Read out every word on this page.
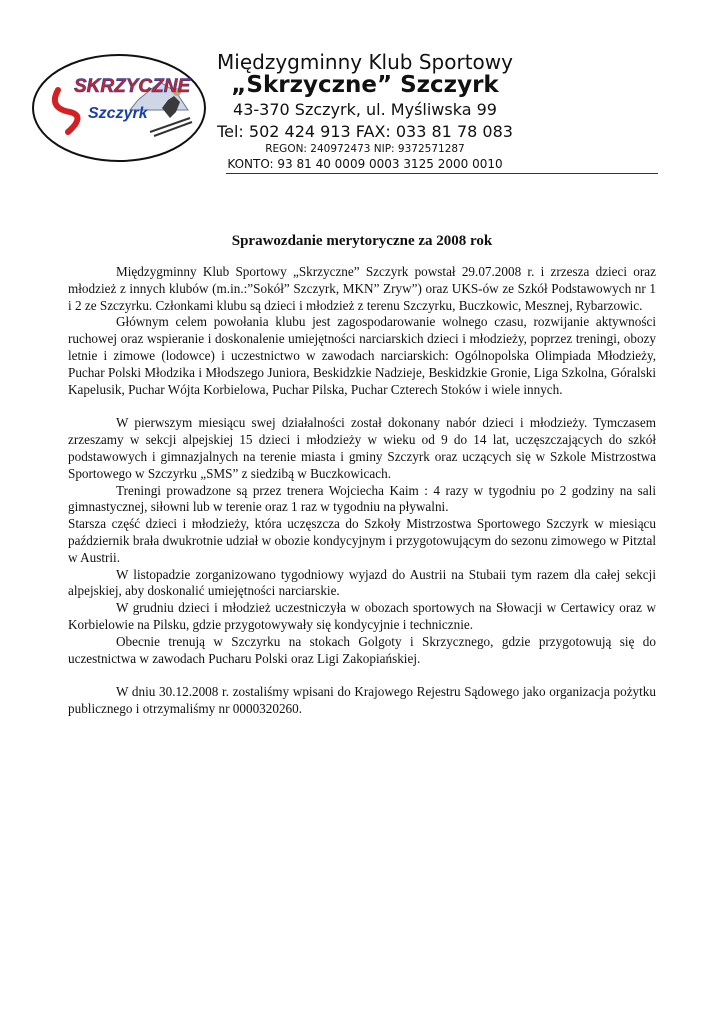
SKRZYCZNE
Szczyrk
Międzygminny Klub Sportowy
„Skrzyczne” Szczyrk
43-370 Szczyrk, ul. Myśliwska 99
Tel: 502 424 913 FAX: 033 81 78 083
REGON: 240972473 NIP: 9372571287
KONTO: 93 81 40 0009 0003 3125 2000 0010
Sprawozdanie merytoryczne za 2008 rok

Międzygminny Klub Sportowy „Skrzyczne” Szczyrk powstał 29.07.2008 r. i zrzesza dzieci oraz młodzież z innych klubów (m.in.:”Sokół” Szczyrk, MKN” Zryw”) oraz UKS-ów ze Szkół Podstawowych nr 1 i 2 ze Szczyrku. Członkami klubu są dzieci i młodzież z terenu Szczyrku, Buczkowic, Mesznej, Rybarzowic.

Głównym celem powołania klubu jest zagospodarowanie wolnego czasu, rozwijanie aktywności ruchowej oraz wspieranie i doskonalenie umiejętności narciarskich dzieci i młodzieży, poprzez treningi, obozy letnie i zimowe (lodowce) i uczestnictwo w zawodach narciarskich: Ogólnopolska Olimpiada Młodzieży, Puchar Polski Młodzika i Młodszego Juniora, Beskidzkie Nadzieje, Beskidzkie Gronie, Liga Szkolna, Góralski Kapelusik, Puchar Wójta Korbielowa, Puchar Pilska, Puchar Czterech Stoków i wiele innych.

W pierwszym miesiącu swej działalności został dokonany nabór dzieci i młodzieży. Tymczasem zrzeszamy w sekcji alpejskiej 15 dzieci i młodzieży w wieku od 9 do 14 lat, uczęszczających do szkół podstawowych i gimnazjalnych na terenie miasta i gminy Szczyrk oraz uczących się w Szkole Mistrzostwa Sportowego w Szczyrku „SMS” z siedzibą w Buczkowicach.

Treningi prowadzone są przez trenera Wojciecha Kaim : 4 razy w tygodniu po 2 godziny na sali gimnastycznej, siłowni lub w terenie oraz 1 raz w tygodniu na pływalni.

Starsza część dzieci i młodzieży, która uczęszcza do Szkoły Mistrzostwa Sportowego Szczyrk w miesiącu październik brała dwukrotnie udział w obozie kondycyjnym i przygotowującym do sezonu zimowego w Pitztal w Austrii.

W listopadzie zorganizowano tygodniowy wyjazd do Austrii na Stubaii tym razem dla całej sekcji alpejskiej, aby doskonalić umiejętności narciarskie.

W grudniu dzieci i młodzież uczestniczyła w obozach sportowych na Słowacji w Certawicy oraz w Korbielowie na Pilsku, gdzie przygotowywały się kondycyjnie i technicznie.

Obecnie trenują w Szczyrku na stokach Golgoty i Skrzycznego, gdzie przygotowują się do uczestnictwa w zawodach Pucharu Polski oraz Ligi Zakopiańskiej.

W dniu 30.12.2008 r. zostaliśmy wpisani do Krajowego Rejestru Sądowego jako organizacja pożytku publicznego i otrzymaliśmy nr 0000320260.
